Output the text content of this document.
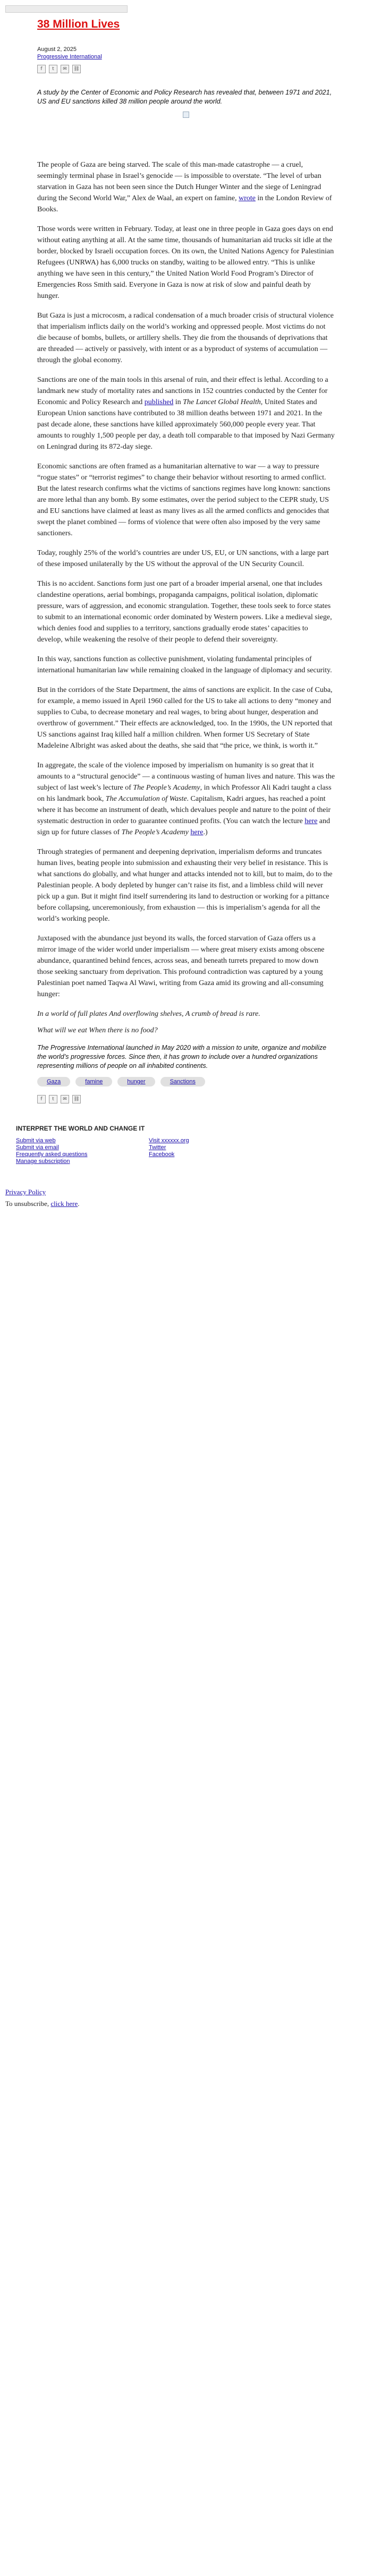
38 Million Lives
August 2, 2025
Progressive International
f	t	✉	⛓
A study by the Center of Economic and Policy Research has revealed that, between 1971 and 2021, US and EU sanctions killed 38 million people around the world.

The people of Gaza are being starved. The scale of this man-made catastrophe — a cruel, seemingly terminal phase in Israel’s genocide — is impossible to overstate. “The level of urban starvation in Gaza has not been seen since the Dutch Hunger Winter and the siege of Leningrad during the Second World War,” Alex de Waal, an expert on famine, wrote in the London Review of Books.

Those words were written in February. Today, at least one in three people in Gaza goes days on end without eating anything at all. At the same time, thousands of humanitarian aid trucks sit idle at the border, blocked by Israeli occupation forces. On its own, the United Nations Agency for Palestinian Refugees (UNRWA) has 6,000 trucks on standby, waiting to be allowed entry. “This is unlike anything we have seen in this century,” the United Nation World Food Program’s Director of Emergencies Ross Smith said. Everyone in Gaza is now at risk of slow and painful death by hunger.

But Gaza is just a microcosm, a radical condensation of a much broader crisis of structural violence that imperialism inflicts daily on the world’s working and oppressed people. Most victims do not die because of bombs, bullets, or artillery shells. They die from the thousands of deprivations that are threaded — actively or passively, with intent or as a byproduct of systems of accumulation — through the global economy.

Sanctions are one of the main tools in this arsenal of ruin, and their effect is lethal. According to a landmark new study of mortality rates and sanctions in 152 countries conducted by the Center for Economic and Policy Research and published in The Lancet Global Health, United States and European Union sanctions have contributed to 38 million deaths between 1971 and 2021. In the past decade alone, these sanctions have killed approximately 560,000 people every year. That amounts to roughly 1,500 people per day, a death toll comparable to that imposed by Nazi Germany on Leningrad during its 872-day siege.

Economic sanctions are often framed as a humanitarian alternative to war — a way to pressure “rogue states” or “terrorist regimes” to change their behavior without resorting to armed conflict. But the latest research confirms what the victims of sanctions regimes have long known: sanctions are more lethal than any bomb. By some estimates, over the period subject to the CEPR study, US and EU sanctions have claimed at least as many lives as all the armed conflicts and genocides that swept the planet combined — forms of violence that were often also imposed by the very same sanctioners.

Today, roughly 25% of the world’s countries are under US, EU, or UN sanctions, with a large part of these imposed unilaterally by the US without the approval of the UN Security Council.

This is no accident. Sanctions form just one part of a broader imperial arsenal, one that includes clandestine operations, aerial bombings, propaganda campaigns, political isolation, diplomatic pressure, wars of aggression, and economic strangulation. Together, these tools seek to force states to submit to an international economic order dominated by Western powers. Like a medieval siege, which denies food and supplies to a territory, sanctions gradually erode states’ capacities to develop, while weakening the resolve of their people to defend their sovereignty.

In this way, sanctions function as collective punishment, violating fundamental principles of international humanitarian law while remaining cloaked in the language of diplomacy and security.

But in the corridors of the State Department, the aims of sanctions are explicit. In the case of Cuba, for example, a memo issued in April 1960 called for the US to take all actions to deny “money and supplies to Cuba, to decrease monetary and real wages, to bring about hunger, desperation and overthrow of government.” Their effects are acknowledged, too. In the 1990s, the UN reported that US sanctions against Iraq killed half a million children. When former US Secretary of State Madeleine Albright was asked about the deaths, she said that “the price, we think, is worth it.”

In aggregate, the scale of the violence imposed by imperialism on humanity is so great that it amounts to a “structural genocide” — a continuous wasting of human lives and nature. This was the subject of last week’s lecture of The People’s Academy, in which Professor Ali Kadri taught a class on his landmark book, The Accumulation of Waste. Capitalism, Kadri argues, has reached a point where it has become an instrument of death, which devalues people and nature to the point of their systematic destruction in order to guarantee continued profits. (You can watch the lecture here and sign up for future classes of The People’s Academy here.)

Through strategies of permanent and deepening deprivation, imperialism deforms and truncates human lives, beating people into submission and exhausting their very belief in resistance. This is what sanctions do globally, and what hunger and attacks intended not to kill, but to maim, do to the Palestinian people. A body depleted by hunger can’t raise its fist, and a limbless child will never pick up a gun. But it might find itself surrendering its land to destruction or working for a pittance before collapsing, unceremoniously, from exhaustion — this is imperialism’s agenda for all the world’s working people.

Juxtaposed with the abundance just beyond its walls, the forced starvation of Gaza offers us a mirror image of the wider world under imperialism — where great misery exists among obscene abundance, quarantined behind fences, across seas, and beneath turrets prepared to mow down those seeking sanctuary from deprivation. This profound contradiction was captured by a young Palestinian poet named Taqwa Al Wawi, writing from Gaza amid its growing and all-consuming hunger:

In a world of full plates And overflowing shelves, A crumb of bread is rare.
What will we eat When there is no food?
The Progressive International launched in May 2020 with a mission to unite, organize and mobilize the world’s progressive forces. Since then, it has grown to include over a hundred organizations representing millions of people on all inhabited continents.
Gaza	famine	hunger	Sanctions
f	t	✉	⛓
INTERPRET THE WORLD AND CHANGE IT
Submit via web
Submit via email
Frequently asked questions
Manage subscription
Visit xxxxxx.org
Twitter
Facebook
Privacy Policy
To unsubscribe, click here.
